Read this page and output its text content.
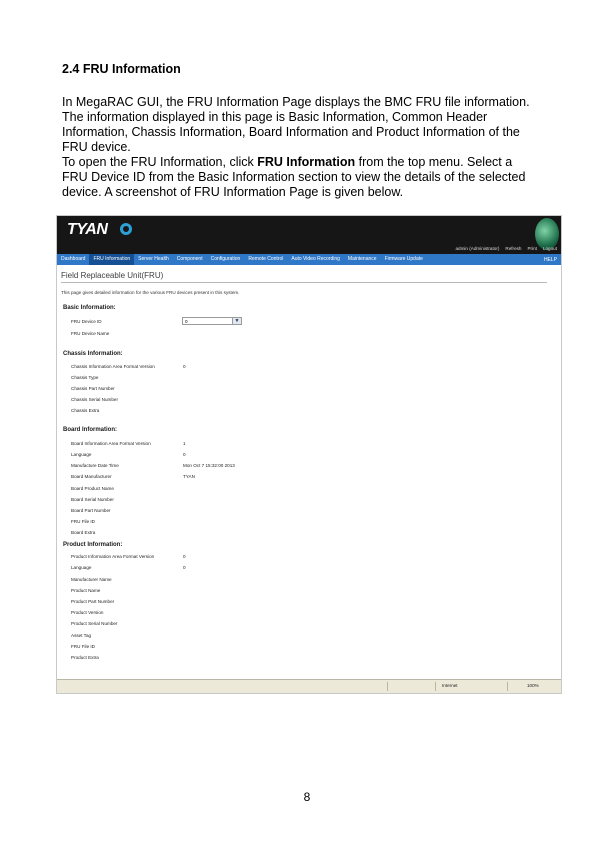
2.4 FRU Information

In MegaRAC GUI, the FRU Information Page displays the BMC FRU file information.

The information displayed in this page is Basic Information, Common Header

Information, Chassis Information, Board Information and Product Information of the

FRU device.

To open the FRU Information, click FRU Information from the top menu. Select a

FRU Device ID from the Basic Information section to view the details of the selected

device. A screenshot of FRU Information Page is given below.

TYAN
admin (Administrator) Refresh Print Logout
Dashboard	FRU Information	Server Health	Component	Configuration	Remote Control	Auto Video Recording	Maintenance	Firmware Update	HELP
Field Replaceable Unit(FRU)
This page gives detailed information for the various FRU devices present in this system.
Basic Information:
FRU Device ID	0	▼
FRU Device Name
Chassis Information:
Chassis Information Area Format Version	0
Chassis Type
Chassis Part Number
Chassis Serial Number
Chassis Extra
Board Information:
Board Information Area Format Version	1
Language	0
Manufacture Date Time	Mon Oct 7 15:32:00 2013
Board Manufacturer	TYAN
Board Product Name
Board Serial Number
Board Part Number
FRU File ID
Board Extra
Product Information:
Product Information Area Format Version	0
Language	0
Manufacturer Name
Product Name
Product Part Number
Product Version
Product Serial Number
Asset Tag
FRU File ID
Product Extra
Internet	100%
8
